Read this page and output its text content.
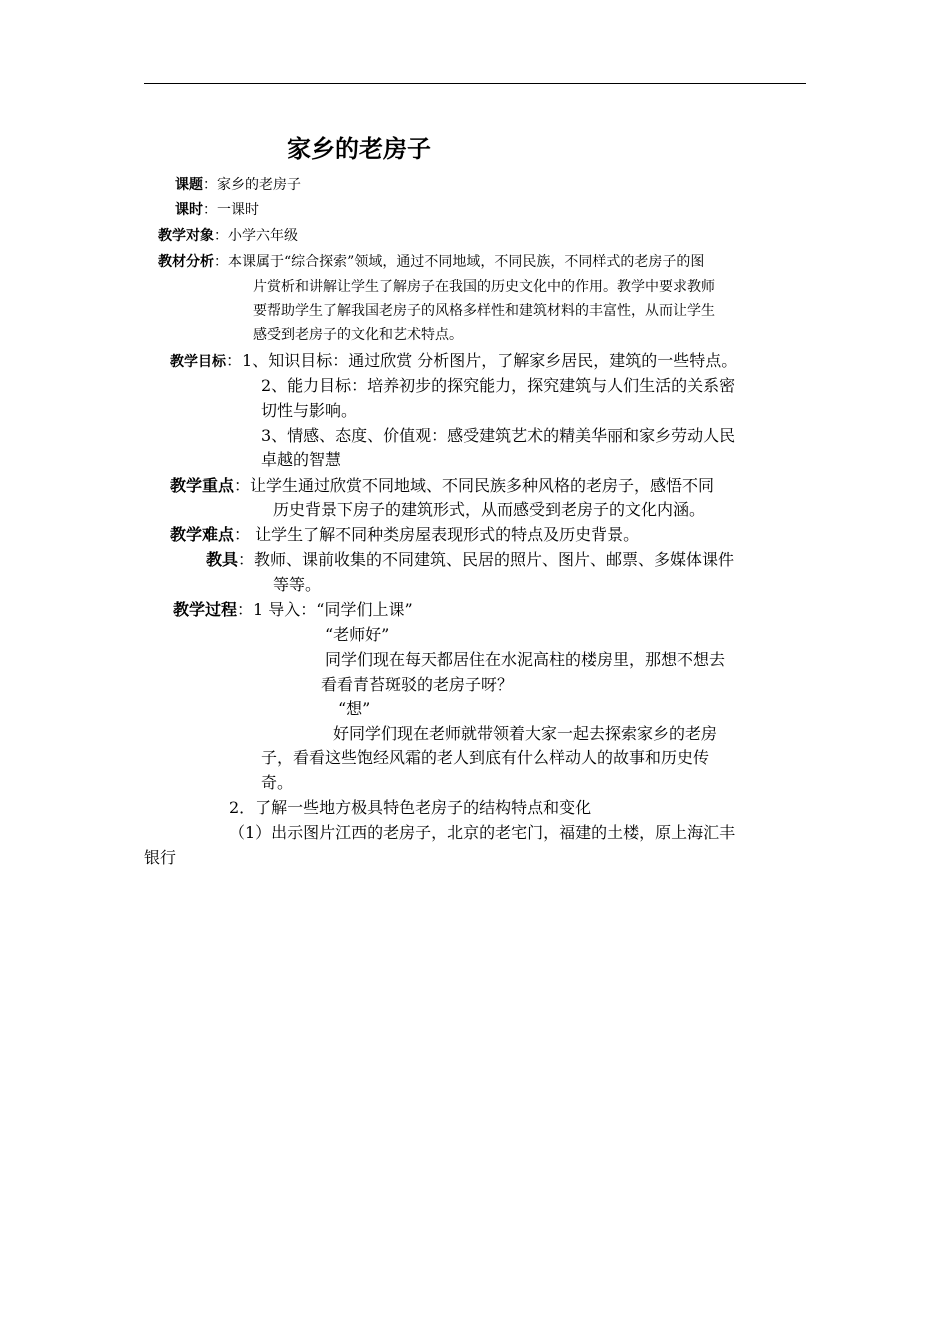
家乡的老房子
课题：家乡的老房子
课时：一课时
教学对象：小学六年级
教材分析：本课属于“综合探索”领域，通过不同地域，不同民族，不同样式的老房子的图
片赏析和讲解让学生了解房子在我国的历史文化中的作用。教学中要求教师
要帮助学生了解我国老房子的风格多样性和建筑材料的丰富性，从而让学生
感受到老房子的文化和艺术特点。
教学目标：1、知识目标：通过欣赏 分析图片，了解家乡居民，建筑的一些特点。
2、能力目标：培养初步的探究能力，探究建筑与人们生活的关系密
切性与影响。
3、情感、态度、价值观：感受建筑艺术的精美华丽和家乡劳动人民
卓越的智慧
教学重点：让学生通过欣赏不同地域、不同民族多种风格的老房子，感悟不同
历史背景下房子的建筑形式，从而感受到老房子的文化内涵。
教学难点： 让学生了解不同种类房屋表现形式的特点及历史背景。
教具：教师、课前收集的不同建筑、民居的照片、图片、邮票、多媒体课件
等等。
教学过程：1 导入：“同学们上课”
“老师好”
同学们现在每天都居住在水泥高柱的楼房里，那想不想去
看看青苔斑驳的老房子呀？
“想”
好同学们现在老师就带领着大家一起去探索家乡的老房
子，看看这些饱经风霜的老人到底有什么样动人的故事和历史传
奇。
2．了解一些地方极具特色老房子的结构特点和变化
（1）出示图片江西的老房子，北京的老宅门，福建的土楼，原上海汇丰
银行
